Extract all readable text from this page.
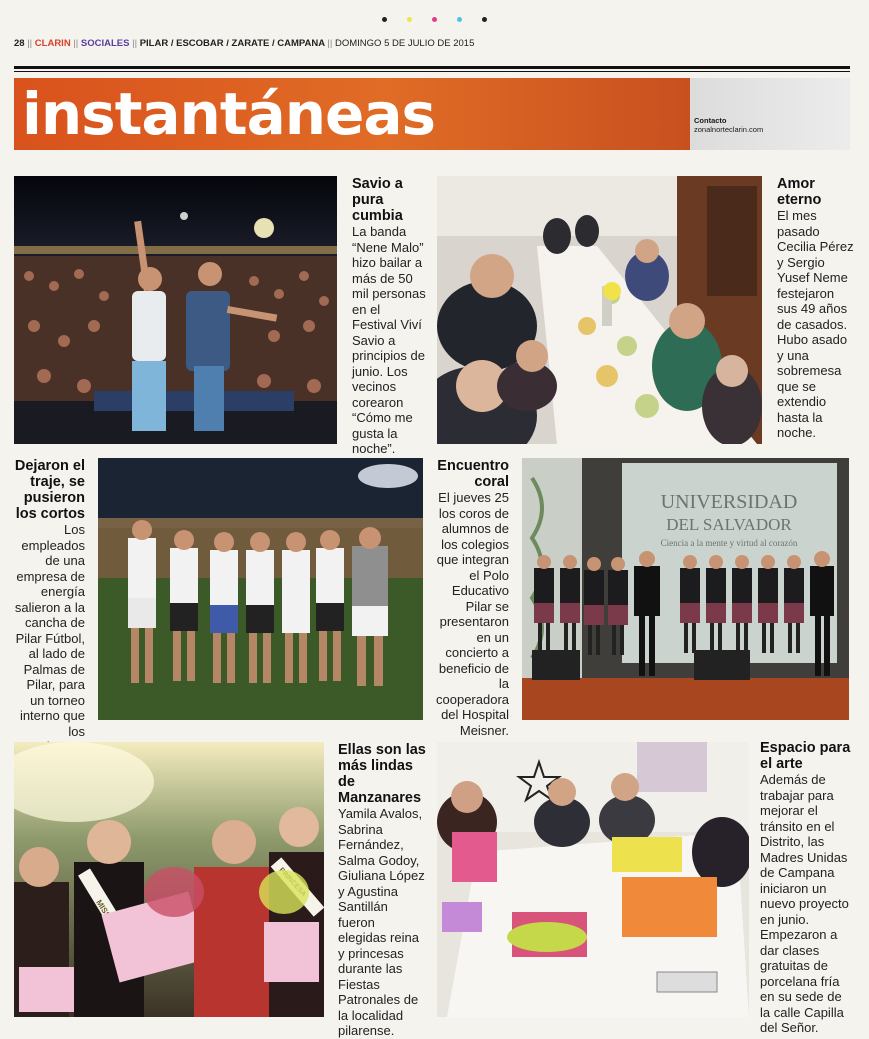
28 || CLARIN || SOCIALES || PILAR / ESCOBAR / ZARATE / CAMPANA || DOMINGO 5 DE JULIO DE 2015
instantáneas	Contacto
zonalnorteclarin.com
Savio a pura cumbia

La banda “Nene Malo” hizo bailar a más de 50 mil personas en el Festival Viví Savio a principios de junio. Los vecinos corearon “Cómo me gusta la noche”.

Amor eterno

El mes pasado Cecilia Pérez y Sergio Yusef Neme festejaron sus 49 años de casados. Hubo asado y una sobremesa que se extendio hasta la noche.

Dejaron el traje, se pusieron los cortos

Los empleados de una empresa de energía salieron a la cancha de Pilar Fútbol, al lado de Palmas de Pilar, para un torneo interno que los

Encuentro coral

El jueves 25 los coros de alumnos de los colegios que integran el Polo Educativo Pilar se presentaron en un concierto a beneficio de la cooperadora del Hospital Meisner.

UNIVERSIDAD
DEL SALVADOR
Ciencia a la mente y virtud al corazón
MISS
Ellas son las más lindas de Manzanares

Yamila Avalos, Sabrina Fernández, Salma Godoy, Giuliana López y Agustina Santillán fueron elegidas reina y princesas durante las Fiestas Patronales de la localidad pilarense.

Espacio para el arte

Además de trabajar para mejorar el tránsito en el Distrito, las Madres Unidas de Campana iniciaron un nuevo proyecto en junio. Empezaron a dar clases gratuitas de porcelana fría en su sede de la calle Capilla del Señor.
